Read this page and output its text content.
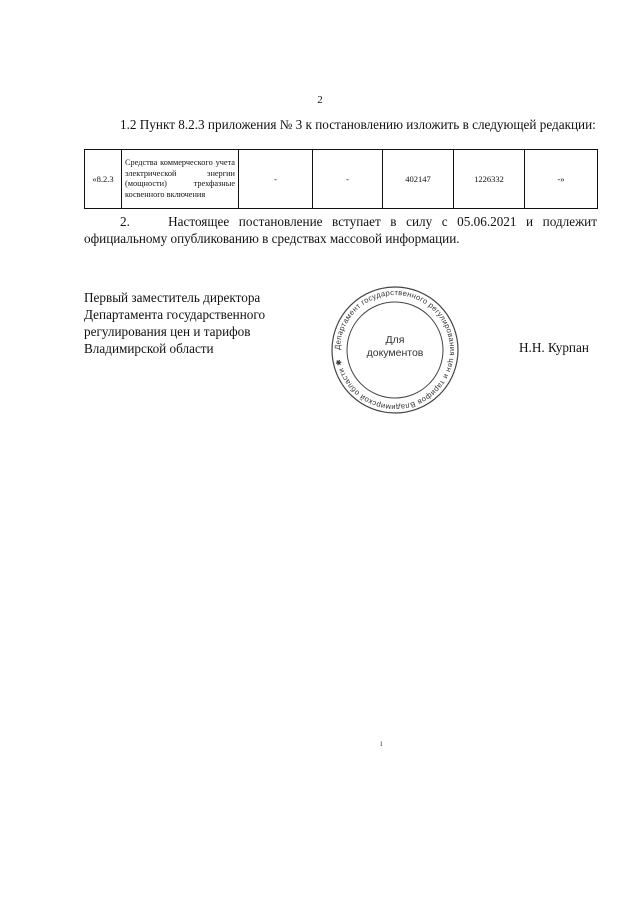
2
1.2 Пункт 8.2.3 приложения № 3 к постановлению изложить в следующей редакции:
«8.2.3	Средства коммерческого учета электрической энергии (мощности) трехфазные косвенного включения	-	-	402147	1226332	-»
2.	Настоящее постановление вступает в силу с 05.06.2021 и подлежит официальному опубликованию в средствах массовой информации.
Первый заместитель директора
Департамента государственного
регулирования цен и тарифов
Владимирской области	Департамент государственного регулирования цен и тарифов Владимирской области ✱
Для
документов	Н.Н. Курпан
ı
